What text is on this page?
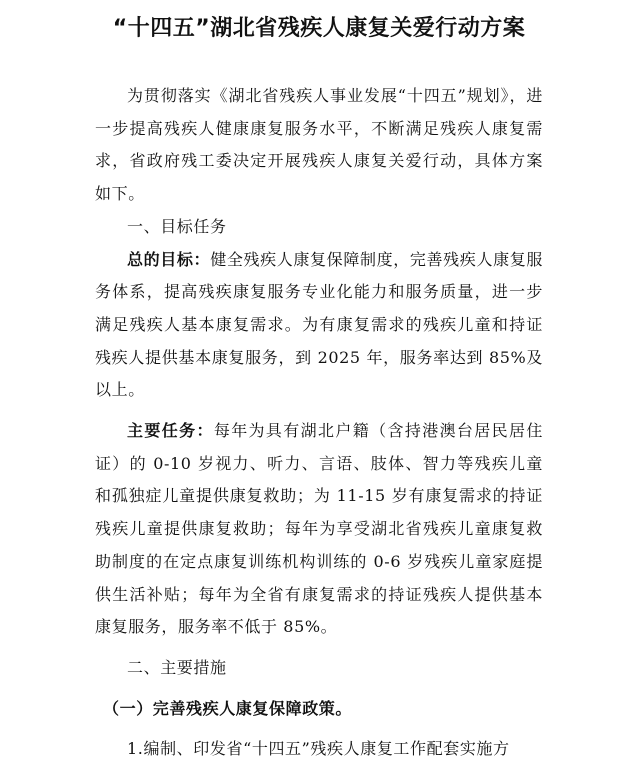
“十四五”湖北省残疾人康复关爱行动方案

为贯彻落实《湖北省残疾人事业发展“十四五”规划》，进一步提高残疾人健康康复服务水平，不断满足残疾人康复需求，省政府残工委决定开展残疾人康复关爱行动，具体方案如下。

一、目标任务

总的目标：健全残疾人康复保障制度，完善残疾人康复服务体系，提高残疾康复服务专业化能力和服务质量，进一步满足残疾人基本康复需求。为有康复需求的残疾儿童和持证残疾人提供基本康复服务，到 2025 年，服务率达到 85%及以上。

主要任务：每年为具有湖北户籍（含持港澳台居民居住证）的 0-10 岁视力、听力、言语、肢体、智力等残疾儿童和孤独症儿童提供康复救助；为 11-15 岁有康复需求的持证残疾儿童提供康复救助；每年为享受湖北省残疾儿童康复救助制度的在定点康复训练机构训练的 0-6 岁残疾儿童家庭提供生活补贴；每年为全省有康复需求的持证残疾人提供基本康复服务，服务率不低于 85%。

二、主要措施

（一）完善残疾人康复保障政策。

1.编制、印发省“十四五”残疾人康复工作配套实施方
